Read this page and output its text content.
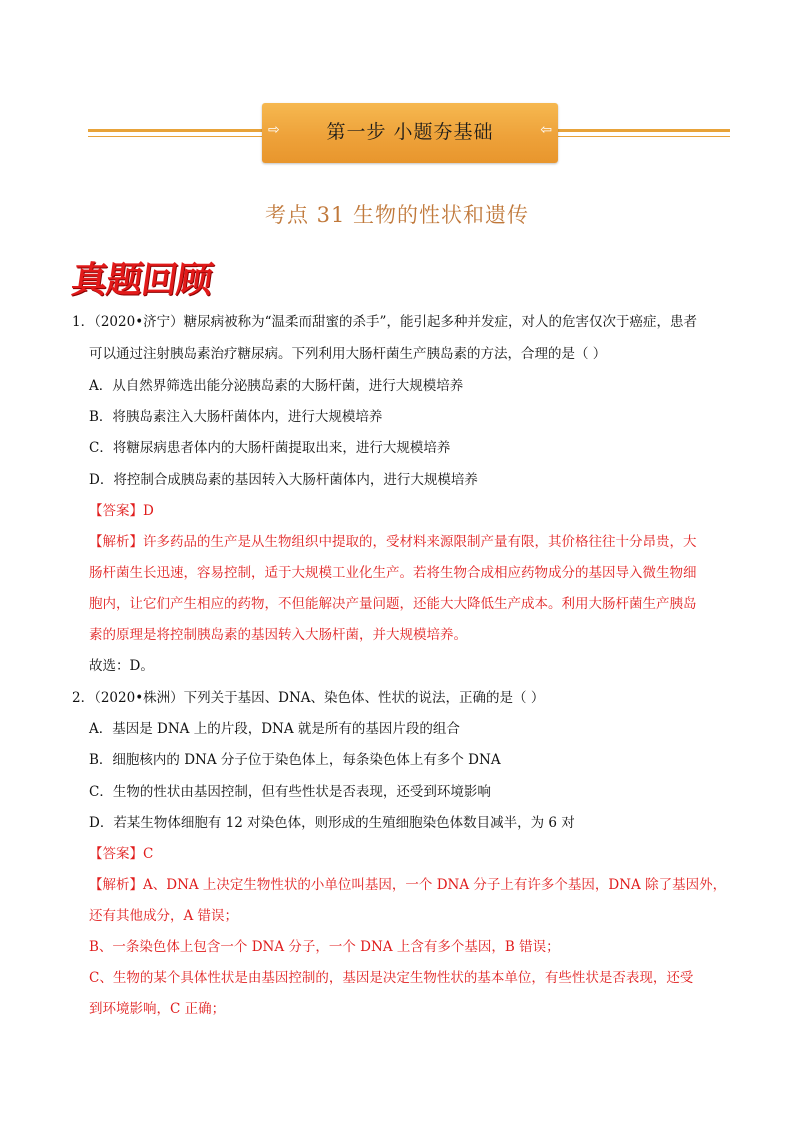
⇨	第一步 小题夯基础	⇦
考点 31 生物的性状和遗传
真题回顾
1．（2020•济宁）糖尿病被称为“温柔而甜蜜的杀手”，能引起多种并发症，对人的危害仅次于癌症，患者
可以通过注射胰岛素治疗糖尿病。下列利用大肠杆菌生产胰岛素的方法，合理的是（ ）
A．从自然界筛选出能分泌胰岛素的大肠杆菌，进行大规模培养
B．将胰岛素注入大肠杆菌体内，进行大规模培养
C．将糖尿病患者体内的大肠杆菌提取出来，进行大规模培养
D．将控制合成胰岛素的基因转入大肠杆菌体内，进行大规模培养
【答案】D
【解析】许多药品的生产是从生物组织中提取的，受材料来源限制产量有限，其价格往往十分昂贵，大
肠杆菌生长迅速，容易控制，适于大规模工业化生产。若将生物合成相应药物成分的基因导入微生物细
胞内，让它们产生相应的药物，不但能解决产量问题，还能大大降低生产成本。利用大肠杆菌生产胰岛
素的原理是将控制胰岛素的基因转入大肠杆菌，并大规模培养。
故选：D。
2．（2020•株洲）下列关于基因、DNA、染色体、性状的说法，正确的是（ ）
A．基因是 DNA 上的片段，DNA 就是所有的基因片段的组合
B．细胞核内的 DNA 分子位于染色体上，每条染色体上有多个 DNA
C．生物的性状由基因控制，但有些性状是否表现，还受到环境影响
D．若某生物体细胞有 12 对染色体，则形成的生殖细胞染色体数目减半，为 6 对
【答案】C
【解析】A、DNA 上决定生物性状的小单位叫基因，一个 DNA 分子上有许多个基因，DNA 除了基因外，
还有其他成分，A 错误；
B、一条染色体上包含一个 DNA 分子，一个 DNA 上含有多个基因，B 错误；
C、生物的某个具体性状是由基因控制的，基因是决定生物性状的基本单位，有些性状是否表现，还受
到环境影响，C 正确；
